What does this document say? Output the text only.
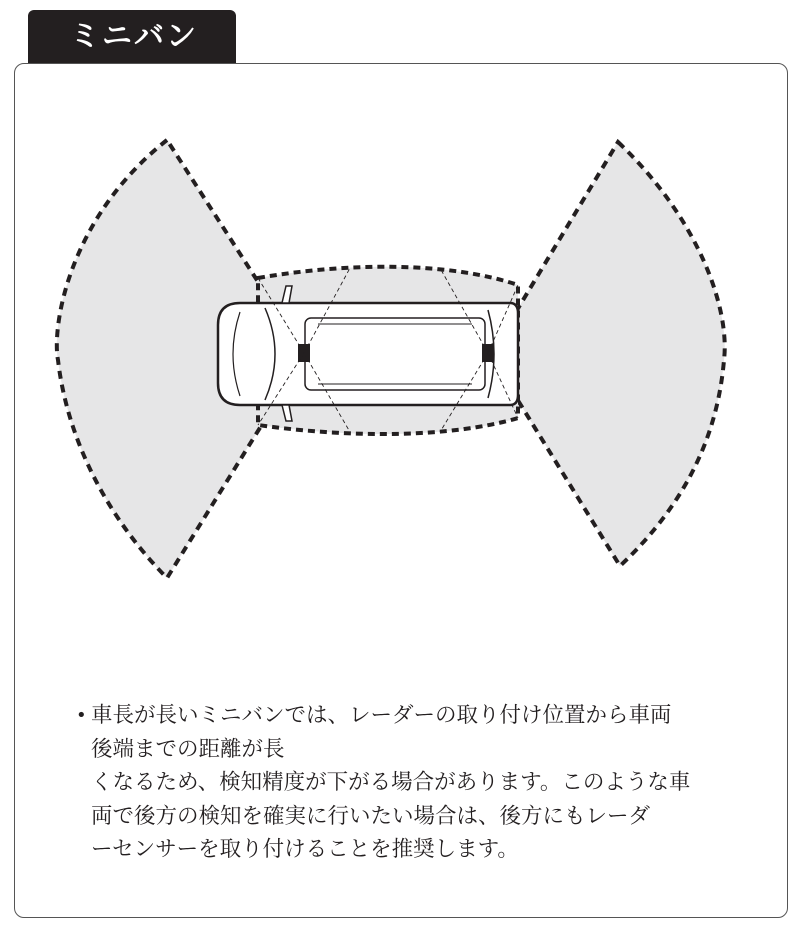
ミニバン
• 車長が長いミニバンでは、レーダーの取り付け位置から車両
後端までの距離が長
くなるため、検知精度が下がる場合があります。このような車
両で後方の検知を確実に行いたい場合は、後方にもレーダ
ーセンサーを取り付けることを推奨します。
